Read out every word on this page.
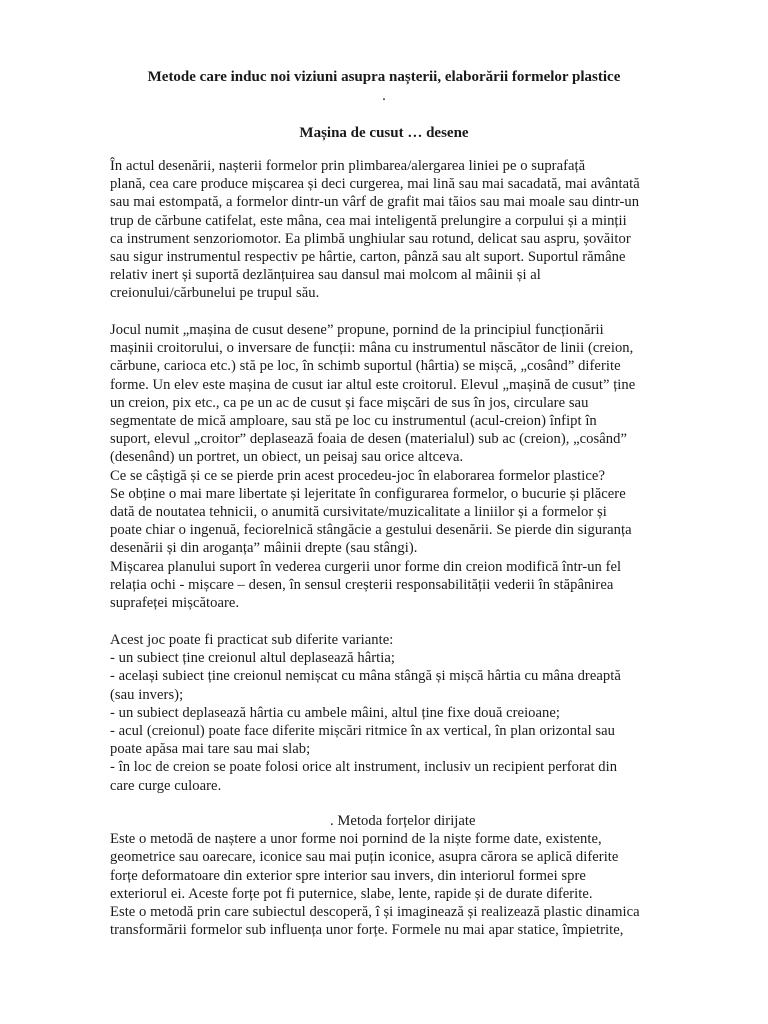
Metode care induc noi viziuni asupra nașterii, elaborării formelor plastice
.
Mașina de cusut … desene
În actul desenării, nașterii formelor prin plimbarea/alergarea liniei pe o suprafață
plană, cea care produce mișcarea și deci curgerea, mai lină sau mai sacadată, mai avântată
sau mai estompată, a formelor dintr-un vârf de grafit mai tăios sau mai moale sau dintr-un
trup de cărbune catifelat, este mâna, cea mai inteligentă prelungire a corpului și a minții
ca instrument senzoriomotor. Ea plimbă unghiular sau rotund, delicat sau aspru, șovăitor
sau sigur instrumentul respectiv pe hârtie, carton, pânză sau alt suport. Suportul rămâne
relativ inert și suportă dezlănțuirea sau dansul mai molcom al mâinii și al
creionului/cărbunelui pe trupul său.
Jocul numit „mașina de cusut desene” propune, pornind de la principiul funcționării
mașinii croitorului, o inversare de funcții: mâna cu instrumentul născător de linii (creion,
cărbune, carioca etc.) stă pe loc, în schimb suportul (hârtia) se mișcă, „cosând” diferite
forme. Un elev este mașina de cusut iar altul este croitorul. Elevul „mașină de cusut” ține
un creion, pix etc., ca pe un ac de cusut și face mișcări de sus în jos, circulare sau
segmentate de mică amploare, sau stă pe loc cu instrumentul (acul-creion) înfipt în
suport, elevul „croitor” deplasează foaia de desen (materialul) sub ac (creion), „cosând”
(desenând) un portret, un obiect, un peisaj sau orice altceva.
Ce se câștigă și ce se pierde prin acest procedeu-joc în elaborarea formelor plastice?
Se obține o mai mare libertate și lejeritate în configurarea formelor, o bucurie și plăcere
dată de noutatea tehnicii, o anumită cursivitate/muzicalitate a liniilor și a formelor și
poate chiar o ingenuă, feciorelnică stângăcie a gestului desenării. Se pierde din siguranța
desenării și din aroganța” mâinii drepte (sau stângi).
Mișcarea planului suport în vederea curgerii unor forme din creion modifică într-un fel
relația ochi - mișcare – desen, în sensul creșterii responsabilității vederii în stăpânirea
suprafeței mișcătoare.
Acest joc poate fi practicat sub diferite variante:
- un subiect ține creionul altul deplasează hârtia;
- același subiect ține creionul nemișcat cu mâna stângă și mișcă hârtia cu mâna dreaptă
(sau invers);
- un subiect deplasează hârtia cu ambele mâini, altul ține fixe două creioane;
- acul (creionul) poate face diferite mișcări ritmice în ax vertical, în plan orizontal sau
poate apăsa mai tare sau mai slab;
- în loc de creion se poate folosi orice alt instrument, inclusiv un recipient perforat din
care curge culoare.
. Metoda forțelor dirijate
Este o metodă de naștere a unor forme noi pornind de la niște forme date, existente,
geometrice sau oarecare, iconice sau mai puțin iconice, asupra cărora se aplică diferite
forțe deformatoare din exterior spre interior sau invers, din interiorul formei spre
exteriorul ei. Aceste forțe pot fi puternice, slabe, lente, rapide și de durate diferite.
Este o metodă prin care subiectul descoperă, î și imaginează și realizează plastic dinamica
transformării formelor sub influența unor forțe. Formele nu mai apar statice, împietrite,
